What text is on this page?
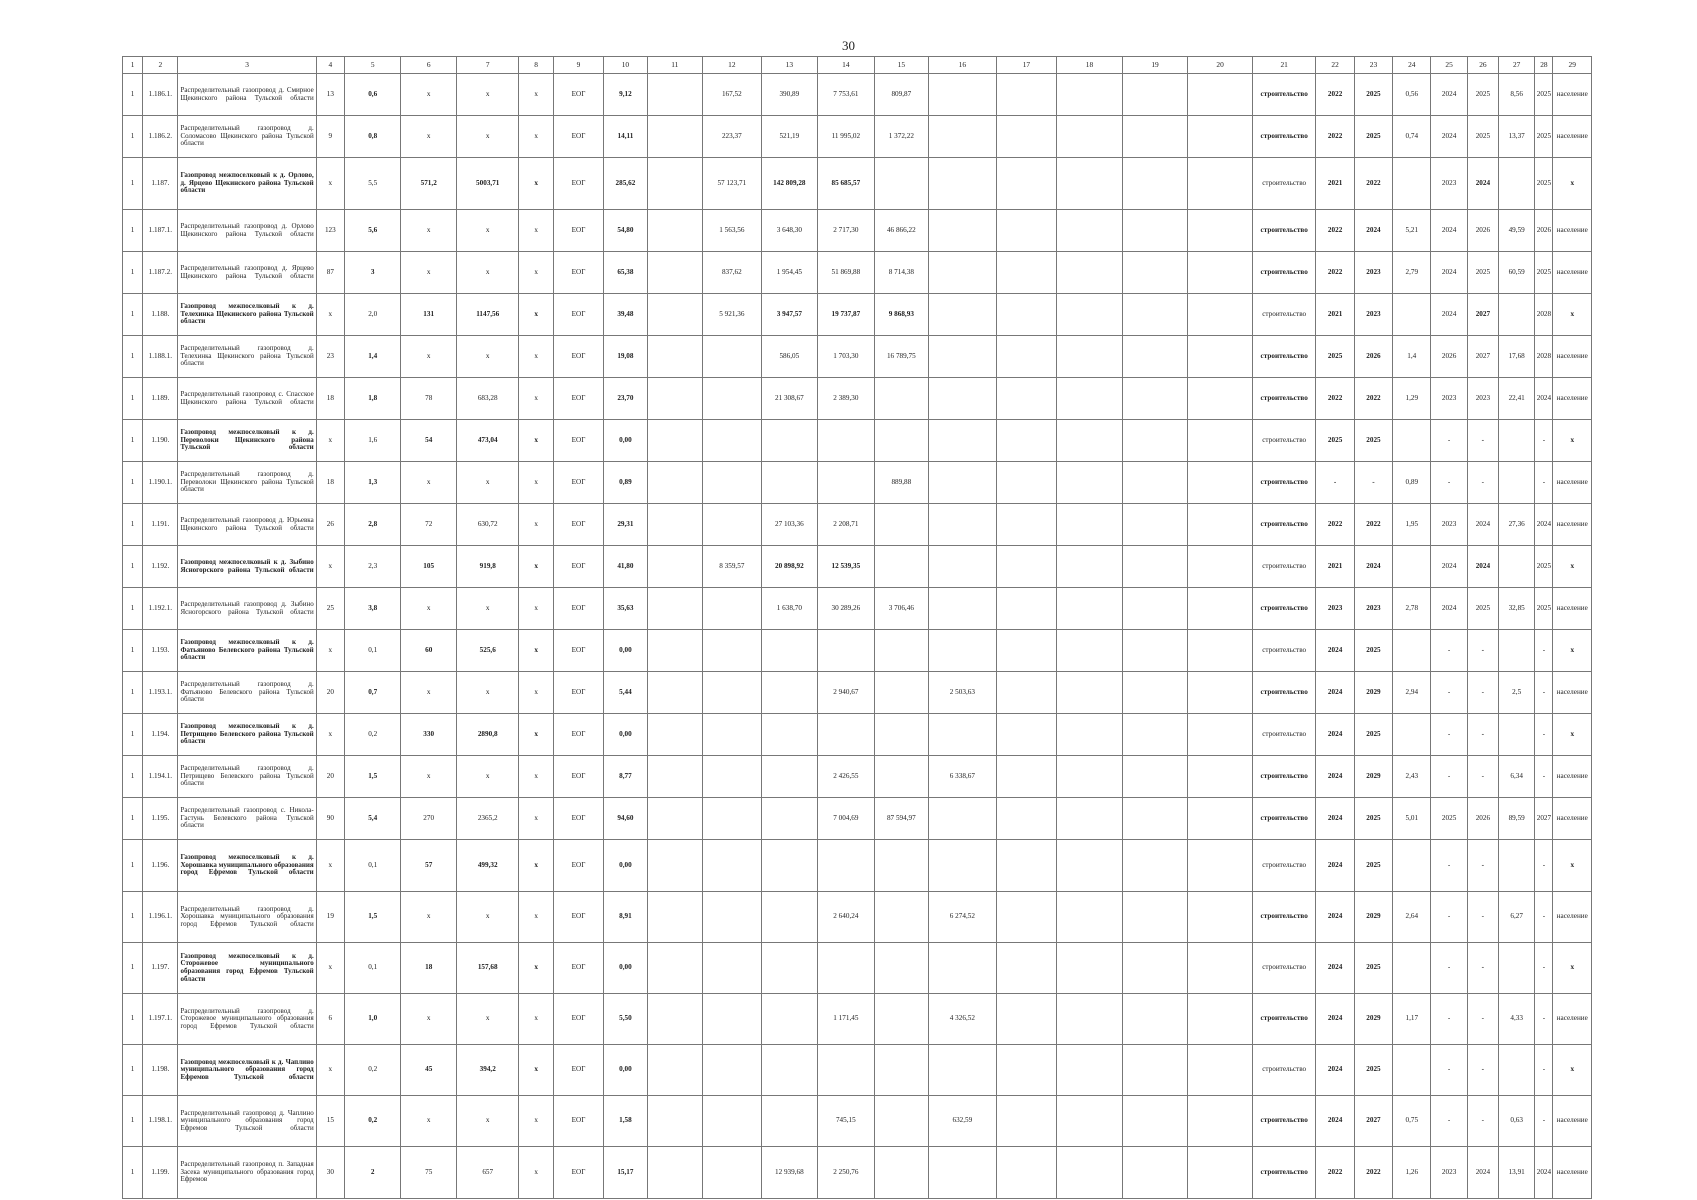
30
1	2	3	4	5	6	7	8	9	10	11	12	13	14	15	16	17	18	19	20	21	22	23	24	25	26	27	28	29
1	1.186.1.	Распределительный газопровод д. Смирное Щекинского района Тульской области	13	0,6	х	х	х	ЕОГ	9,12		167,52	390,89	7 753,61	809,87						строительство	2022	2025	0,56	2024	2025	8,56	2025	население
1	1.186.2.	Распределительный газопровод д. Соломасово Щекинского района Тульской области	9	0,8	х	х	х	ЕОГ	14,11		223,37	521,19	11 995,02	1 372,22						строительство	2022	2025	0,74	2024	2025	13,37	2025	население
1	1.187.	Газопровод межпоселковый к д. Орлово, д. Ярцево Щекинского района Тульской области	х	5,5	571,2	5003,71	х	ЕОГ	285,62		57 123,71	142 809,28	85 685,57							строительство	2021	2022		2023	2024		2025	х
1	1.187.1.	Распределительный газопровод д. Орлово Щекинского района Тульской области	123	5,6	х	х	х	ЕОГ	54,80		1 563,56	3 648,30	2 717,30	46 866,22						строительство	2022	2024	5,21	2024	2026	49,59	2026	население
1	1.187.2.	Распределительный газопровод д. Ярцево Щекинского района Тульской области	87	3	х	х	х	ЕОГ	65,38		837,62	1 954,45	51 869,88	8 714,38						строительство	2022	2023	2,79	2024	2025	60,59	2025	население
1	1.188.	Газопровод межпоселковый к д. Телехинка Щекинского района Тульской области	х	2,0	131	1147,56	х	ЕОГ	39,48		5 921,36	3 947,57	19 737,87	9 868,93						строительство	2021	2023		2024	2027		2028	х
1	1.188.1.	Распределительный газопровод д. Телехинка Щекинского района Тульской области	23	1,4	х	х	х	ЕОГ	19,08			586,05	1 703,30	16 789,75						строительство	2025	2026	1,4	2026	2027	17,68	2028	население
1	1.189.	Распределительный газопровод с. Спасское Щекинского района Тульской области	18	1,8	78	683,28	х	ЕОГ	23,70			21 308,67	2 389,30							строительство	2022	2022	1,29	2023	2023	22,41	2024	население
1	1.190.	Газопровод межпоселковый к д. Переволоки Щекинского района Тульской области	х	1,6	54	473,04	х	ЕОГ	0,00											строительство	2025	2025		-	-		-	х
1	1.190.1.	Распределительный газопровод д. Переволоки Щекинского района Тульской области	18	1,3	х	х	х	ЕОГ	0,89					889,88						строительство	-	-	0,89	-	-		-	население
1	1.191.	Распределительный газопровод д. Юрьевка Щекинского района Тульской области	26	2,8	72	630,72	х	ЕОГ	29,31			27 103,36	2 208,71							строительство	2022	2022	1,95	2023	2024	27,36	2024	население
1	1.192.	Газопровод межпоселковый к д. Зыбино Ясногорского района Тульской области	х	2,3	105	919,8	х	ЕОГ	41,80		8 359,57	20 898,92	12 539,35							строительство	2021	2024		2024	2024		2025	х
1	1.192.1.	Распределительный газопровод д. Зыбино Ясногорского района Тульской области	25	3,8	х	х	х	ЕОГ	35,63			1 638,70	30 289,26	3 706,46						строительство	2023	2023	2,78	2024	2025	32,85	2025	население
1	1.193.	Газопровод межпоселковый к д. Фатьяново Белевского района Тульской области	х	0,1	60	525,6	х	ЕОГ	0,00											строительство	2024	2025		-	-		-	х
1	1.193.1.	Распределительный газопровод д. Фатьяново Белевского района Тульской области	20	0,7	х	х	х	ЕОГ	5,44				2 940,67		2 503,63					строительство	2024	2029	2,94	-	-	2,5	-	население
1	1.194.	Газопровод межпоселковый к д. Петрищево Белевского района Тульской области	х	0,2	330	2890,8	х	ЕОГ	0,00											строительство	2024	2025		-	-		-	х
1	1.194.1.	Распределительный газопровод д. Петрищево Белевского района Тульской области	20	1,5	х	х	х	ЕОГ	8,77				2 426,55		6 338,67					строительство	2024	2029	2,43	-	-	6,34	-	население
1	1.195.	Распределительный газопровод с. Никола-Гастунь Белевского района Тульской области	90	5,4	270	2365,2	х	ЕОГ	94,60				7 004,69	87 594,97						строительство	2024	2025	5,01	2025	2026	89,59	2027	население
1	1.196.	Газопровод межпоселковый к д. Хорошавка муниципального образования город Ефремов Тульской области	х	0,1	57	499,32	х	ЕОГ	0,00											строительство	2024	2025		-	-		-	х
1	1.196.1.	Распределительный газопровод д. Хорошавка муниципального образования город Ефремов Тульской области	19	1,5	х	х	х	ЕОГ	8,91				2 640,24		6 274,52					строительство	2024	2029	2,64	-	-	6,27	-	население
1	1.197.	Газопровод межпоселковый к д. Сторожевое муниципального образования город Ефремов Тульской области	х	0,1	18	157,68	х	ЕОГ	0,00											строительство	2024	2025		-	-		-	х
1	1.197.1.	Распределительный газопровод д. Сторожевое муниципального образования город Ефремов Тульской области	6	1,0	х	х	х	ЕОГ	5,50				1 171,45		4 326,52					строительство	2024	2029	1,17	-	-	4,33	-	население
1	1.198.	Газопровод межпоселковый к д. Чаплино муниципального образования город Ефремов Тульской области	х	0,2	45	394,2	х	ЕОГ	0,00											строительство	2024	2025		-	-		-	х
1	1.198.1.	Распределительный газопровод д. Чаплино муниципального образования город Ефремов Тульской области	15	0,2	х	х	х	ЕОГ	1,58				745,15		632,59					строительство	2024	2027	0,75	-	-	0,63	-	население
1	1.199.	Распределительный газопровод п. Западная Засека муниципального образования город Ефремов	30	2	75	657	х	ЕОГ	15,17			12 939,68	2 250,76							строительство	2022	2022	1,26	2023	2024	13,91	2024	население
